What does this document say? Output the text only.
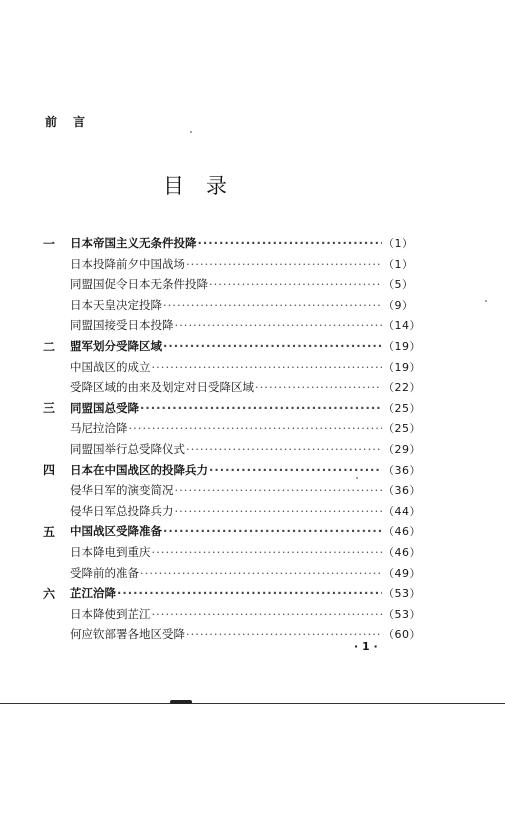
前言
目录
一	日本帝国主义无条件投降 ·····	（1）
日本投降前夕中国战场 ·····	（1）
同盟国促令日本无条件投降 ·····	（5）
日本天皇决定投降 ·····	（9）
同盟国接受日本投降 ·····	（14）
二	盟军划分受降区域 ·····	（19）
中国战区的成立 ·····	（19）
受降区域的由来及划定对日受降区域 ·····	（22）
三	同盟国总受降 ·····	（25）
马尼拉洽降 ·····	（25）
同盟国举行总受降仪式 ·····	（29）
四	日本在中国战区的投降兵力 ·····	（36）
侵华日军的演变简况 ·····	（36）
侵华日军总投降兵力 ·····	（44）
五	中国战区受降准备 ·····	（46）
日本降电到重庆 ·····	（46）
受降前的准备 ·····	（49）
六	芷江洽降 ·····	（53）
日本降使到芷江 ·····	（53）
何应钦部署各地区受降 ·····	（60）
· 1 ·
